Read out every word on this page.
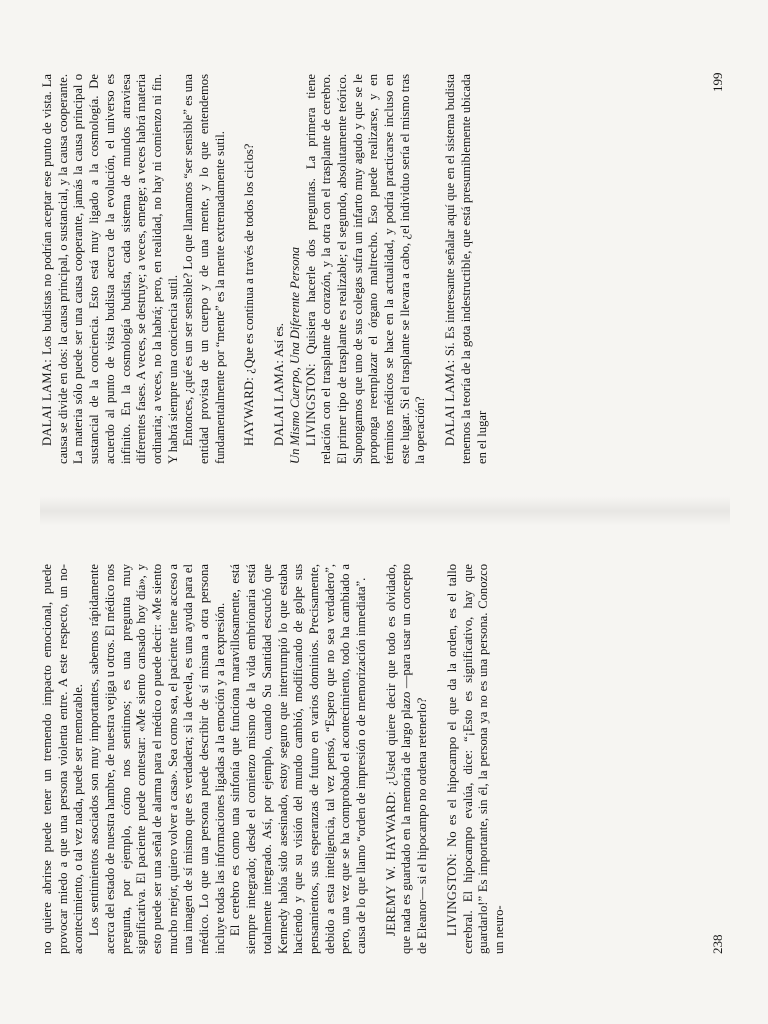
no quiere abrirse puede tener un tremendo impacto emocional, puede provocar miedo a que una persona violenta entre. A este respecto, un no-acontecimiento, o tal vez nada, puede ser memorable. Los sentimientos asociados son muy importantes, sabemos rápidamente acerca del estado de nuestra hambre, de nuestra vejiga u otros. El médico nos pregunta, por ejemplo, cómo nos sentimos; es una pregunta muy significativa. El paciente puede contestar: «Me siento cansado hoy día», y esto puede ser una señal de alarma para el médico o puede decir: «Me siento mucho mejor, quiero volver a casa». Sea como sea, el paciente tiene acceso a una imagen de sí mismo que es verdadera; si la devela, es una ayuda para el médico. Lo que una persona puede describir de sí misma a otra persona incluye todas las informaciones ligadas a la emoción y a la expresión. El cerebro es como una sinfonía que funciona maravillosamente, está siempre integrado; desde el comienzo mismo de la vida embrionaria está totalmente integrado. Así, por ejemplo, cuando Su Santidad escuchó que Kennedy había sido asesinado, estoy seguro que interrumpió lo que estaba haciendo y que su visión del mundo cambió, modificando de golpe sus pensamientos, sus esperanzas de futuro en varios dominios. Precisamente, debido a esta inteligencia, tal vez pensó, “Espero que no sea verdadero”, pero, una vez que se ha comprobado el acontecimiento, todo ha cambiado a causa de lo que llamo “orden de impresión o de memorización inmediata”. JEREMY W. HAYWARD: ¿Usted quiere decir que todo es olvidado, que nada es guardado en la memoria de largo plazo —para usar un concepto de Eleanor— si el hipocampo no ordena retenerlo? LIVINGSTON: No es el hipocampo el que da la orden, es el tallo cerebral. El hipocampo evalúa, dice: “¡Esto es significativo, hay que guardarlo!” Es importante, sin él, la persona ya no es una persona. Conozco un neuro-	238

DALAI LAMA: Los budistas no podrían aceptar ese punto de vista. La causa se divide en dos: la causa principal, o sustancial, y la causa cooperante. La materia sólo puede ser una causa cooperante, jamás la causa principal o sustancial de la conciencia. Esto está muy ligado a la cosmología. De acuerdo al punto de vista budista acerca de la evolución, el universo es infinito. En la cosmología budista, cada sistema de mundos atraviesa diferentes fases. A veces, se destruye; a veces, emerge; a veces habrá materia ordinaria; a veces, no la habrá; pero, en realidad, no hay ni comienzo ni fin. Y habrá siempre una conciencia sutil. Entonces, ¿qué es un ser sensible? Lo que llamamos “ser sensible” es una entidad provista de un cuerpo y de una mente, y lo que entendemos fundamentalmente por “mente” es la mente extremadamente sutil. HAYWARD: ¿Que es continua a través de todos los ciclos?

DALAI LAMA: Así es. Un Mismo Cuerpo, Una Diferente Persona LIVINGSTON: Quisiera hacerle dos preguntas. La primera tiene relación con el trasplante de corazón, y la otra con el trasplante de cerebro. El primer tipo de trasplante es realizable; el segundo, absolutamente teórico. Supongamos que uno de sus colegas sufra un infarto muy agudo y que se le proponga reemplazar el órgano maltrecho. Eso puede realizarse, y en términos médicos se hace en la actualidad, y podría practicarse incluso en este lugar. Si el trasplante se llevara a cabo, ¿el individuo sería el mismo tras la operación? DALAI LAMA: Sí. Es interesante señalar aquí que en el sistema budista tenemos la teoría de la gota indestructible, que está presumiblemente ubicada en el lugar

199
